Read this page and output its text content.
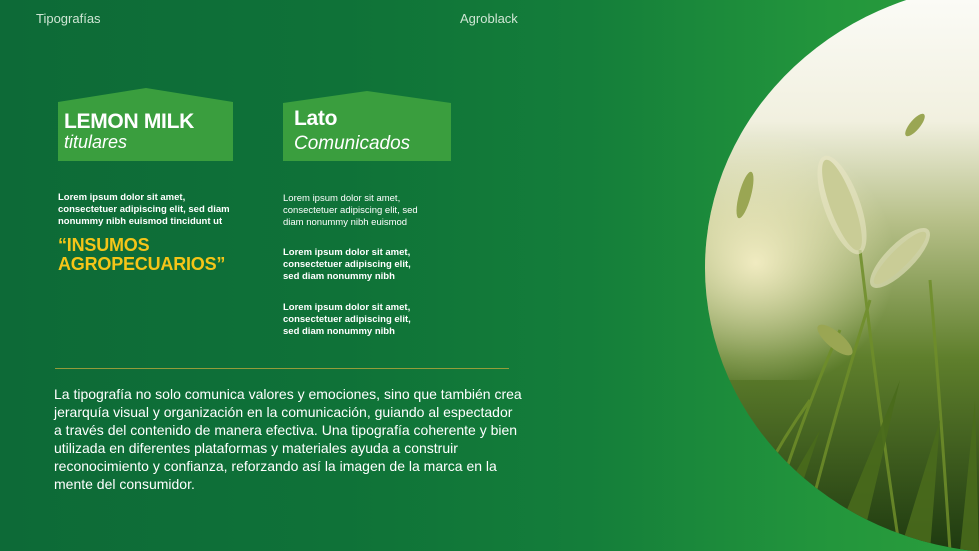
Tipografías	Agroblack
LEMON MILK
titulares
Lato
Comunicados
Lorem ipsum dolor sit amet, consectetuer adipiscing elit, sed diam nonummy nibh euismod tincidunt ut
“INSUMOS
AGROPECUARIOS”
Lorem ipsum dolor sit amet, consectetuer adipiscing elit, sed diam nonummy nibh euismod
Lorem ipsum dolor sit amet, consectetuer adipiscing elit, sed diam nonummy nibh
Lorem ipsum dolor sit amet, consectetuer adipiscing elit, sed diam nonummy nibh
La tipografía no solo comunica valores y emociones, sino que también crea jerarquía visual y organización en la comunicación, guiando al espectador a través del contenido de manera efectiva. Una tipografía coherente y bien utilizada en diferentes plataformas y materiales ayuda a construir reconocimiento y confianza, reforzando así la imagen de la marca en la mente del consumidor.
